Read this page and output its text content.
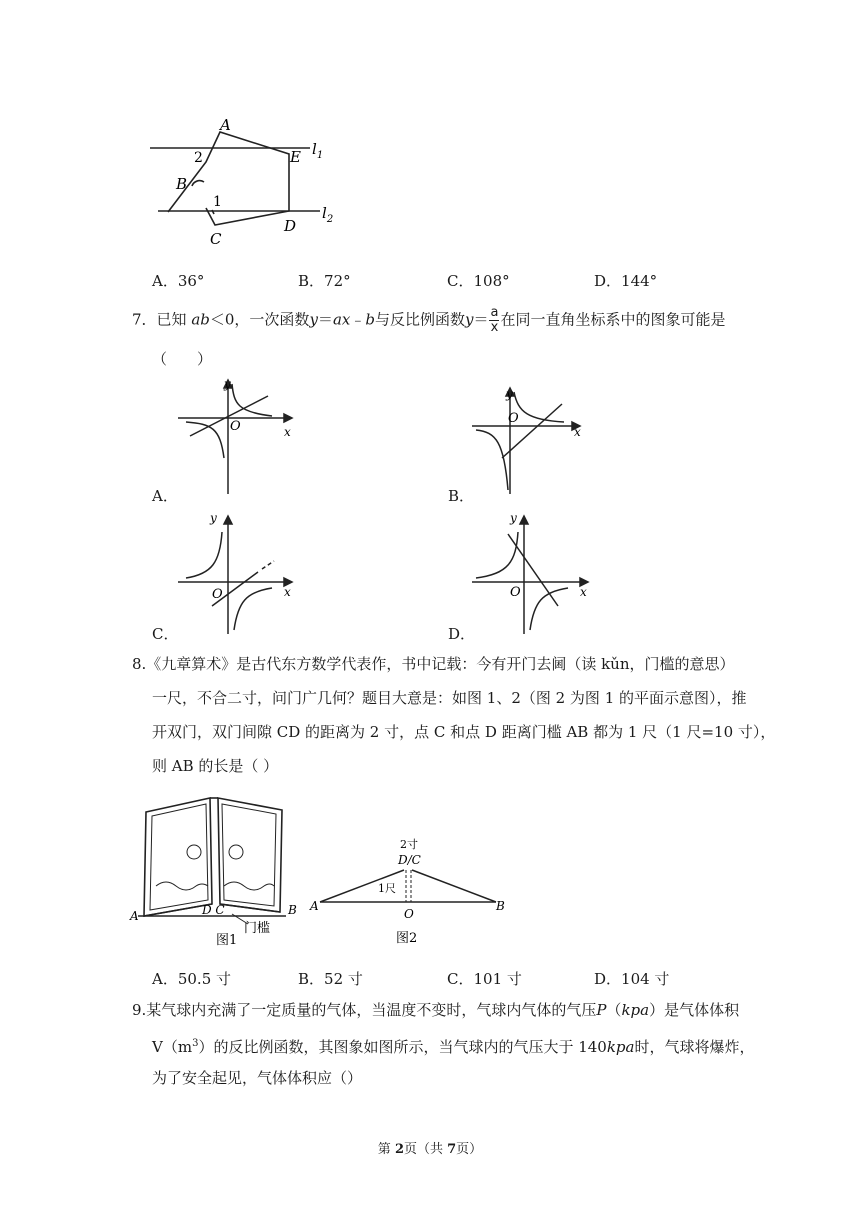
A
B
C
D
E
1
2	$l_1$
$l_2$
A．36°	B．72°	C．108°	D．144°
7．已知 ab＜0，一次函数y＝ax﹣b与反比例函数$y= \frac{a}{x}$ 在同一直角坐标系中的图象可能是
（　　）
y
x
O
A．
y
x
O
B．
y
x
O
C．
y
x
O
D．
8.《九章算术》是古代东方数学代表作，书中记载：今有开门去阃（读 kǔn，门槛的意思）
一尺，不合二寸，问门广几何？题目大意是：如图 1、2（图 2 为图 1 的平面示意图），推
开双门，双门间隙 CD 的距离为 2 寸，点 C 和点 D 距离门槛 AB 都为 1 尺（1 尺=10 寸），
则 AB 的长是（ ）
A	B
D C
门槛
图1
2寸
D/C
1尺
A
O
B
图2
A．50.5 寸	B．52 寸	C．101 寸	D．104 寸
9.某气球内充满了一定质量的气体，当温度不变时，气球内气体的气压P（kpa）是气体体积
$V(m^3)$的反比例函数，其图象如图所示，当气球内的气压大于 140kpa时，气球将爆炸，
为了安全起见，气体体积应（）
第 2页（共 7页）
